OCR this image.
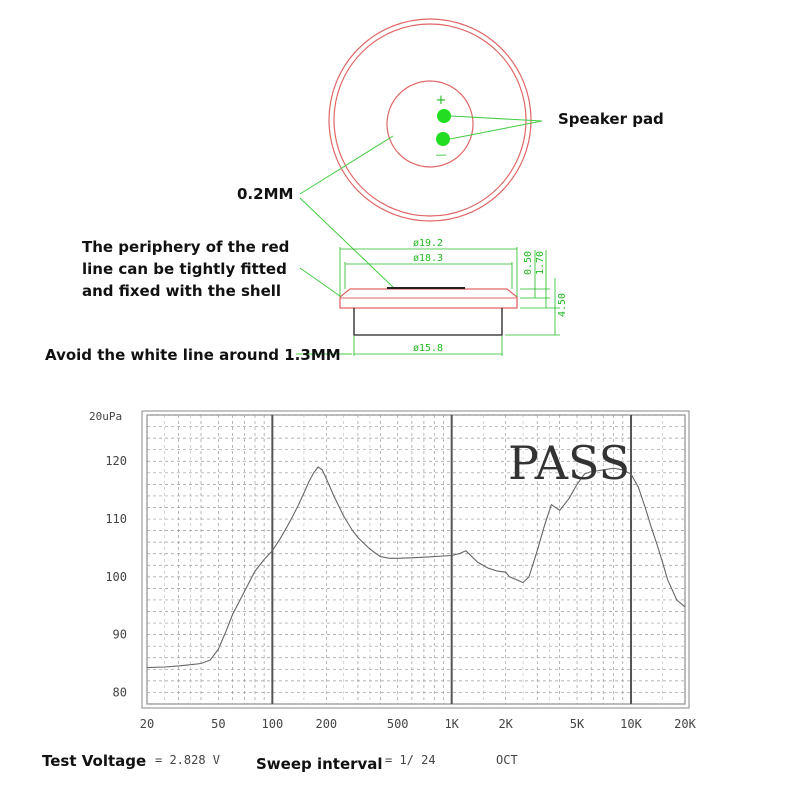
+
—
ø19.2
ø18.3
ø15.8
0.50 1.70
4.50
80
90
100
110
120
20	50	100	200	500	1K	2K	5K	10K	20K
20uPa
PASS
Speaker pad
0.2MM
The periphery of the red
line can be tightly fitted
and fixed with the shell
Avoid the white line around 1.3MM
Test Voltage = 2.828 V Sweep interval = 1/ 24	OCT
